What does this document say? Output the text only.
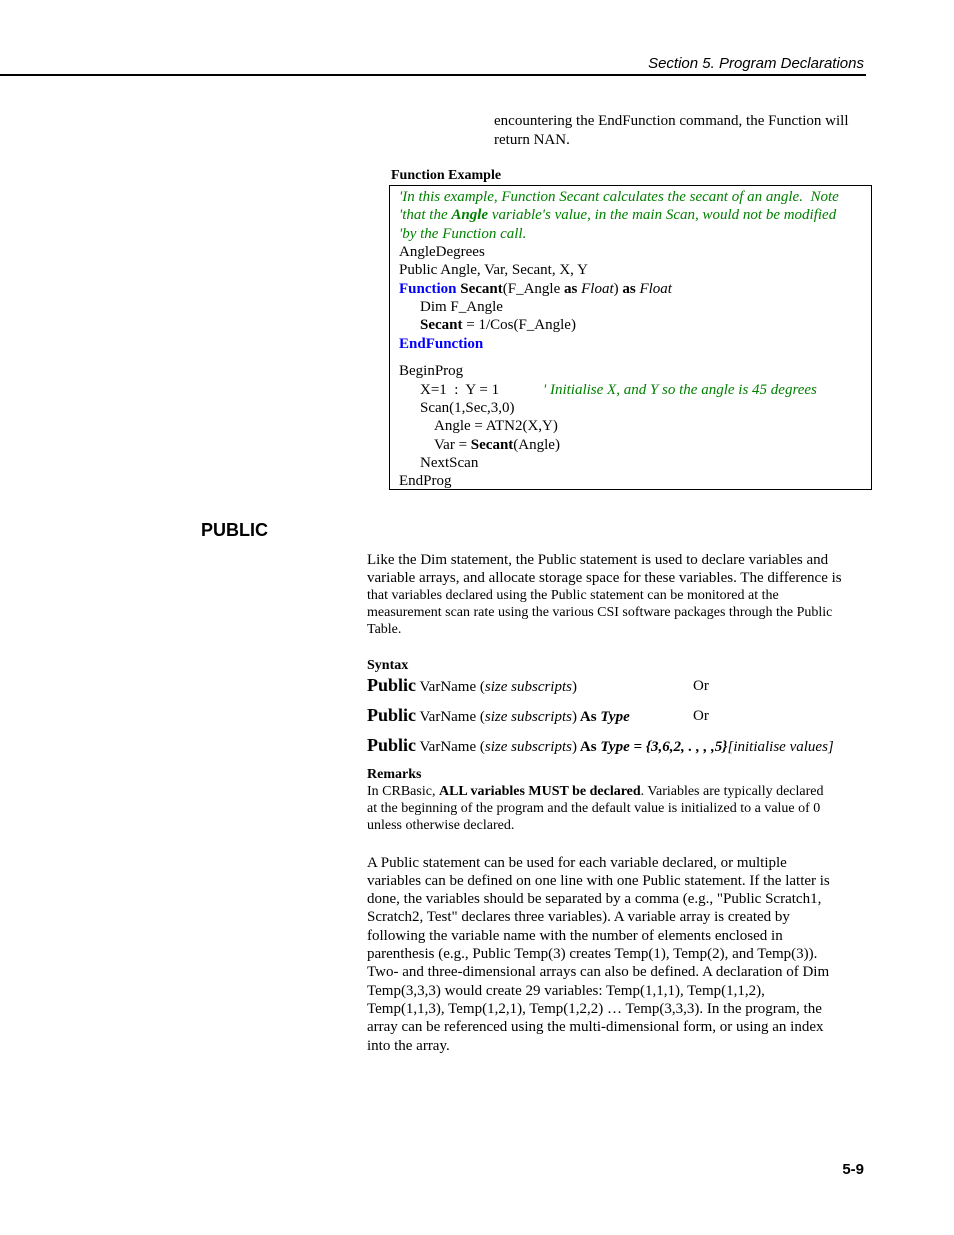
Section 5. Program Declarations
encountering the EndFunction command, the Function will
return NAN.
Function Example
'In this example, Function Secant calculates the secant of an angle.  Note
'that the Angle variable's value, in the main Scan, would not be modified
'by the Function call.
AngleDegrees
Public Angle, Var, Secant, X, Y
Function Secant(F_Angle as Float) as Float
Dim F_Angle
Secant = 1/Cos(F_Angle)
EndFunction
BeginProg
X=1  :  Y = 1	' Initialise X, and Y so the angle is 45 degrees
Scan(1,Sec,3,0)
Angle = ATN2(X,Y)
Var = Secant(Angle)
NextScan
EndProg
PUBLIC
Like the Dim statement, the Public statement is used to declare variables and
variable arrays, and allocate storage space for these variables. The difference is
that variables declared using the Public statement can be monitored at the
measurement scan rate using the various CSI software packages through the Public
Table.
Syntax
Public VarName (size subscripts)	Or
Public VarName (size subscripts) As Type	Or
Public VarName (size subscripts) As Type = {3,6,2, . , , ,5}[initialise values]
Remarks
In CRBasic, ALL variables MUST be declared. Variables are typically declared
at the beginning of the program and the default value is initialized to a value of 0
unless otherwise declared.
A Public statement can be used for each variable declared, or multiple
variables can be defined on one line with one Public statement. If the latter is
done, the variables should be separated by a comma (e.g., "Public Scratch1,
Scratch2, Test" declares three variables). A variable array is created by
following the variable name with the number of elements enclosed in
parenthesis (e.g., Public Temp(3) creates Temp(1), Temp(2), and Temp(3)).
Two- and three-dimensional arrays can also be defined. A declaration of Dim
Temp(3,3,3) would create 29 variables: Temp(1,1,1), Temp(1,1,2),
Temp(1,1,3), Temp(1,2,1), Temp(1,2,2) … Temp(3,3,3). In the program, the
array can be referenced using the multi-dimensional form, or using an index
into the array.
5-9
